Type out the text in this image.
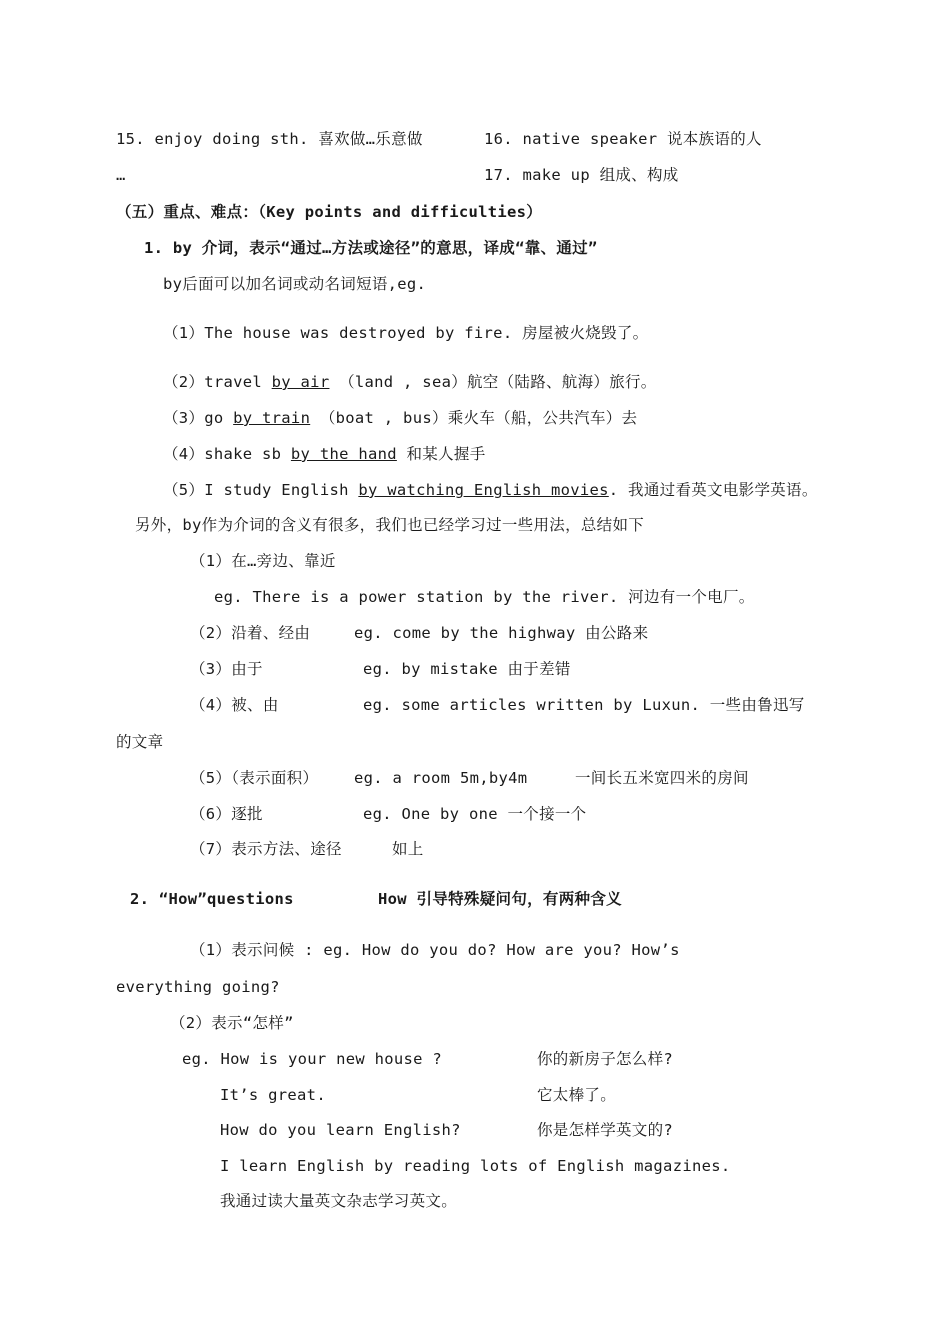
15. enjoy doing sth. 喜欢做…乐意做	16. native speaker 说本族语的人
…	17. make up 组成、构成
（五）重点、难点：（Key points and difficulties）
1. by 介词，表示“通过…方法或途径”的意思，译成“靠、通过”
by后面可以加名词或动名词短语,eg.
（1）The house was destroyed by fire. 房屋被火烧毁了。
（2）travel by air （land , sea）航空（陆路、航海）旅行。
（3）go by train （boat , bus）乘火车（船，公共汽车）去
（4）shake sb by the hand 和某人握手
（5）I study English by watching English movies. 我通过看英文电影学英语。
另外，by作为介词的含义有很多，我们也已经学习过一些用法，总结如下
（1）在…旁边、靠近
eg. There is a power station by the river. 河边有一个电厂。
（2）沿着、经由	eg. come by the highway 由公路来
（3）由于	eg. by mistake 由于差错
（4）被、由	eg. some articles written by Luxun. 一些由鲁迅写
的文章
（5）（表示面积） eg. a room 5m,by4m	一间长五米宽四米的房间
（6）逐批	eg. One by one 一个接一个
（7）表示方法、途径	如上
2. “How”questions	How 引导特殊疑问句，有两种含义
（1）表示问候 : eg. How do you do? How are you? How’s
everything going?
（2）表示“怎样”
eg. How is your new house ?	你的新房子怎么样?
It’s great.	它太棒了。
How do you learn English?	你是怎样学英文的?
I learn English by reading lots of English magazines.
我通过读大量英文杂志学习英文。
